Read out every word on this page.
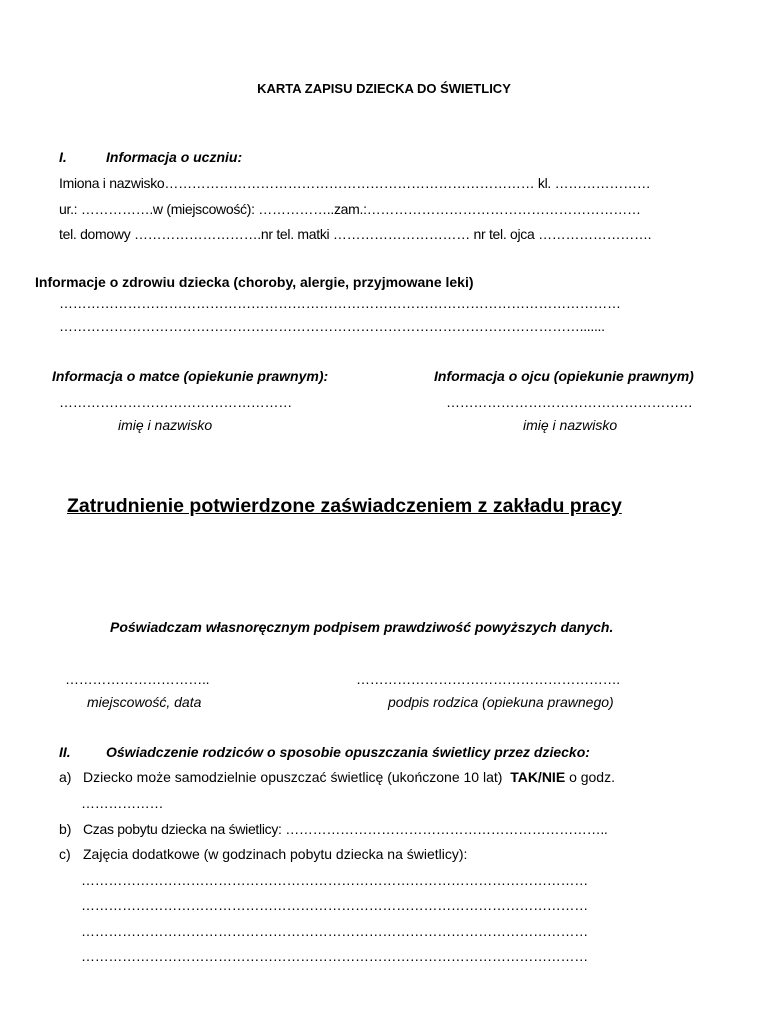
KARTA ZAPISU DZIECKA DO ŚWIETLICY
I.	Informacja o uczniu:
Imiona i nazwisko……………………………………………………………………… kl. …………………
ur.: …………….w (miejscowość): ……………..zam.:……………………………………………………
tel. domowy ……………………….nr tel. matki ………………………… nr tel. ojca …………………….
Informacje o zdrowiu dziecka (choroby, alergie, przyjmowane leki)
……………………………………………………………………………………………………………
…………………………………………………………………………………………………….......
Informacja o matce (opiekunie prawnym):
……………………………………………
imię i nazwisko
Informacja o ojcu (opiekunie prawnym)
………………………………………………
imię i nazwisko
Zatrudnienie potwierdzone zaświadczeniem z zakładu pracy
Poświadczam własnoręcznym podpisem prawdziwość powyższych danych.
…………………………..
miejscowość, data
………………………………………………….
podpis rodzica (opiekuna prawnego)
II.	Oświadczenie rodziców o sposobie opuszczania świetlicy przez dziecko:
a) Dziecko może samodzielnie opuszczać świetlicę (ukończone 10 lat) TAK/NIE o godz.
………………
b) Czas pobytu dziecka na świetlicy: ……………………………………………………………..
c) Zajęcia dodatkowe (w godzinach pobytu dziecka na świetlicy):
…………………………………………………………………………………………………
…………………………………………………………………………………………………
…………………………………………………………………………………………………
…………………………………………………………………………………………………
